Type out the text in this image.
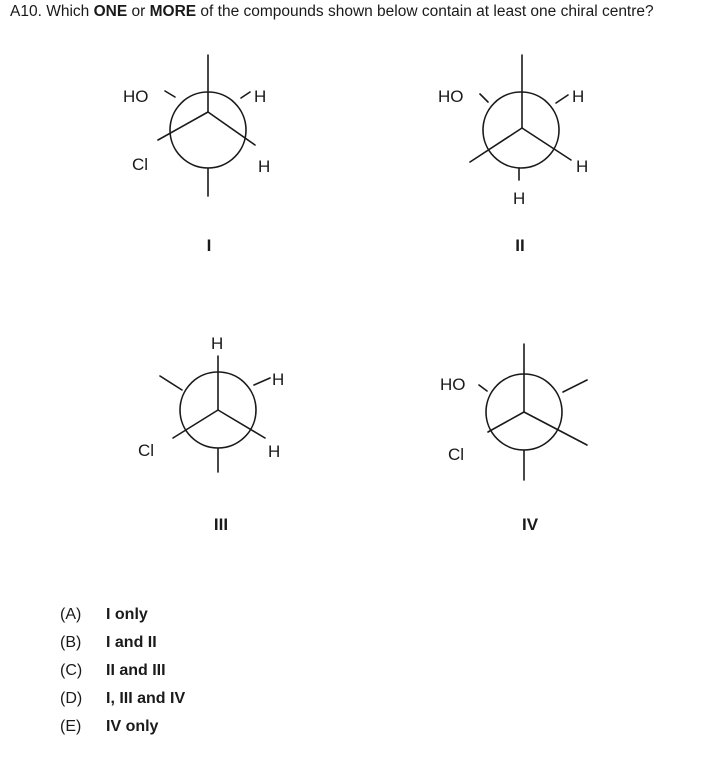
A10. Which ONE or MORE of the compounds shown below contain at least one chiral centre?
HO
Cl
H
H
I
HO	H
H
H
II
H
Cl
H
H
III
HO
Cl
IV
(A)	I only
(B)	I and II
(C)	II and III
(D)	I, III and IV
(E)	IV only
